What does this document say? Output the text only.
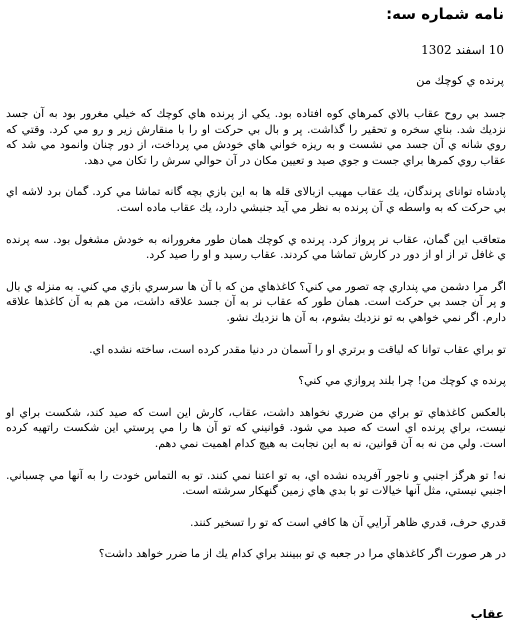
نامه شماره سه:
10 اسفند 1302
پرنده ي كوچك من

جسد بي روح عقاب بالاي كمرهاي كوه افتاده بود. يكي از پرنده هاي كوچك كه خيلي مغرور بود به آن جسد نزديك شد. بناي سخره و تحقير را گذاشت. پر و بال بي حركت او را با منقارش زير و رو مي كرد. وقتي كه روي شانه ي آن جسد مي نشست و به ريزه خواني هاي خودش مي پرداخت، از دور چنان وانمود مي شد كه عقاب روي كمرها براي جست و جوي صيد و تعيين مكان در آن حوالي سرش را تكان مي دهد.

پادشاه توانای پرندگان، یك عقاب مهیب ازبالای قله ها به این بازي بچه گانه تماشا مي كرد. گمان برد لاشه اي بي حركت كه به واسطه ي آن پرنده به نظر مي آيد جنبشي دارد، يك عقاب ماده است.

متعاقب اين گمان، عقاب نر پرواز كرد. پرنده ي كوچك همان طور مغرورانه به خودش مشغول بود. سه پرنده ي غافل تر از او از دور در كارش تماشا مي كردند. عقاب رسيد و او را صيد كرد.

اگر مرا دشمن مي پنداري چه تصور مي كني؟ كاغذهاي من كه با آن ها سرسري بازي مي كني. به منزله ي بال و پر آن جسد بي حركت است. همان طور كه عقاب نر به آن جسد علاقه داشت، من هم به آن كاغذها علاقه دارم. اگر نمي خواهي به تو نزديك بشوم، به آن ها نزديك نشو.

تو براي عقاب توانا كه لياقت و برتري او را آسمان در دنيا مقدر كرده است، ساخته نشده اي.

پرنده ي كوچك من! چرا بلند پروازي مي كني؟

بالعكس كاغذهاي تو براي من ضرري نخواهد داشت، عقاب، كارش اين است كه صيد كند، شكست براي او نيست، براي پرنده اي است كه صيد مي شود. قوانيني كه تو آن ها را مي پرستي اين شكست راتهيه كرده است. ولي من نه به آن قوانين، نه به اين نجابت به هيچ كدام اهميت نمي دهم.

نه! تو هرگز اجنبي و ناجور آفريده نشده اي، به تو اعتنا نمي كنند. تو به التماس خودت را به آنها مي چسباني. اجنبي نيستي، مثل آنها خيالات تو با بدي هاي زمين گنهكار سرشته است.

قدري حرف، قدري ظاهر آرايي آن ها كافي است كه تو را تسخير كنند.

در هر صورت اگر كاغذهاي مرا در جعبه ي تو ببينند براي كدام يك از ما ضرر خواهد داشت؟

عقاب
